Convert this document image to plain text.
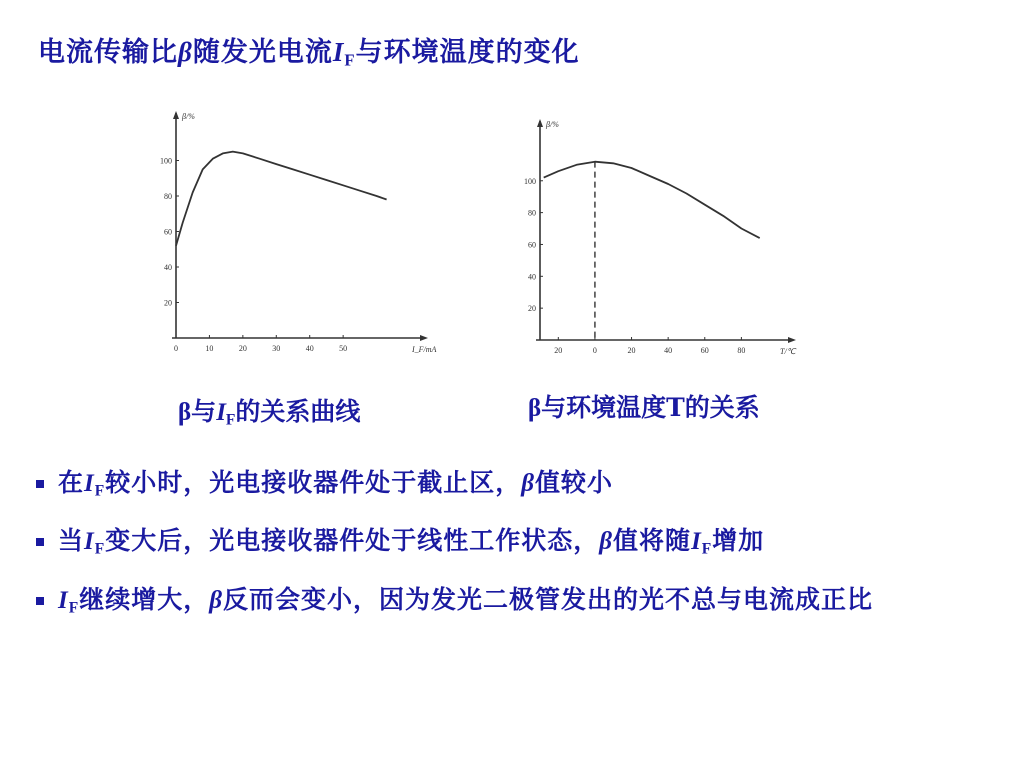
电流传输比β随发光电流$I_F$与环境温度的变化
20
40
60
80
100
0	10	20	30	40	50
β/%
I_F/mA
20
40
60
80
100
20	0	20	40	60	80
β/%
T/℃
β与$I_F$的关系曲线	β与环境温度T的关系
在$I_F$较小时，光电接收器件处于截止区，β值较小
当$I_F$变大后，光电接收器件处于线性工作状态，β值将随$I_F$增加
$I_F$继续增大，β反而会变小，因为发光二极管发出的光不总与电流成正比
